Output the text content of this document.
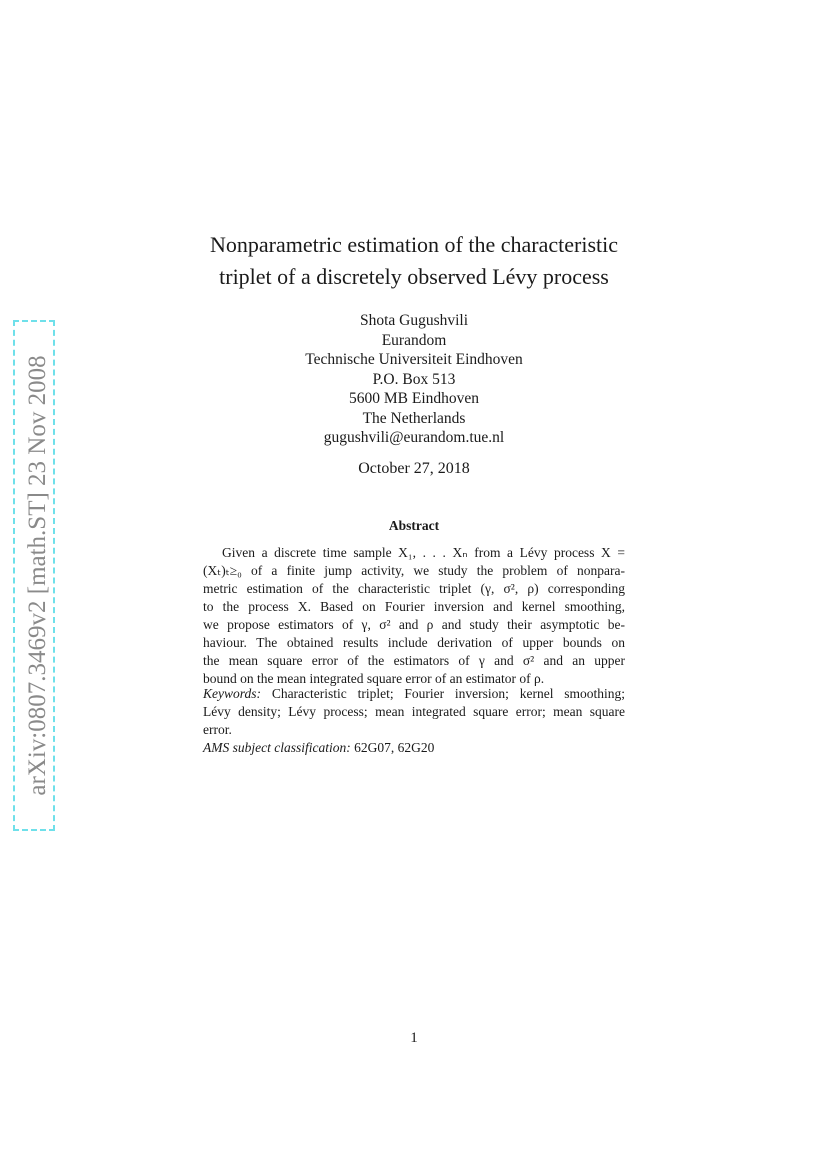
arXiv:0807.3469v2 [math.ST] 23 Nov 2008
Nonparametric estimation of the characteristic
triplet of a discretely observed Lévy process
Shota Gugushvili
Eurandom
Technische Universiteit Eindhoven
P.O. Box 513
5600 MB Eindhoven
The Netherlands
gugushvili@eurandom.tue.nl
October 27, 2018
Abstract

Given a discrete time sample X₁, . . . Xₙ from a Lévy process X =
(Xₜ)ₜ≥₀ of a finite jump activity, we study the problem of nonpara-
metric estimation of the characteristic triplet (γ, σ², ρ) corresponding
to the process X. Based on Fourier inversion and kernel smoothing,
we propose estimators of γ, σ² and ρ and study their asymptotic be-
haviour. The obtained results include derivation of upper bounds on
the mean square error of the estimators of γ and σ² and an upper
bound on the mean integrated square error of an estimator of ρ.

Keywords: Characteristic triplet; Fourier inversion; kernel smoothing;
Lévy density; Lévy process; mean integrated square error; mean square
error.
AMS subject classification: 62G07, 62G20

1
